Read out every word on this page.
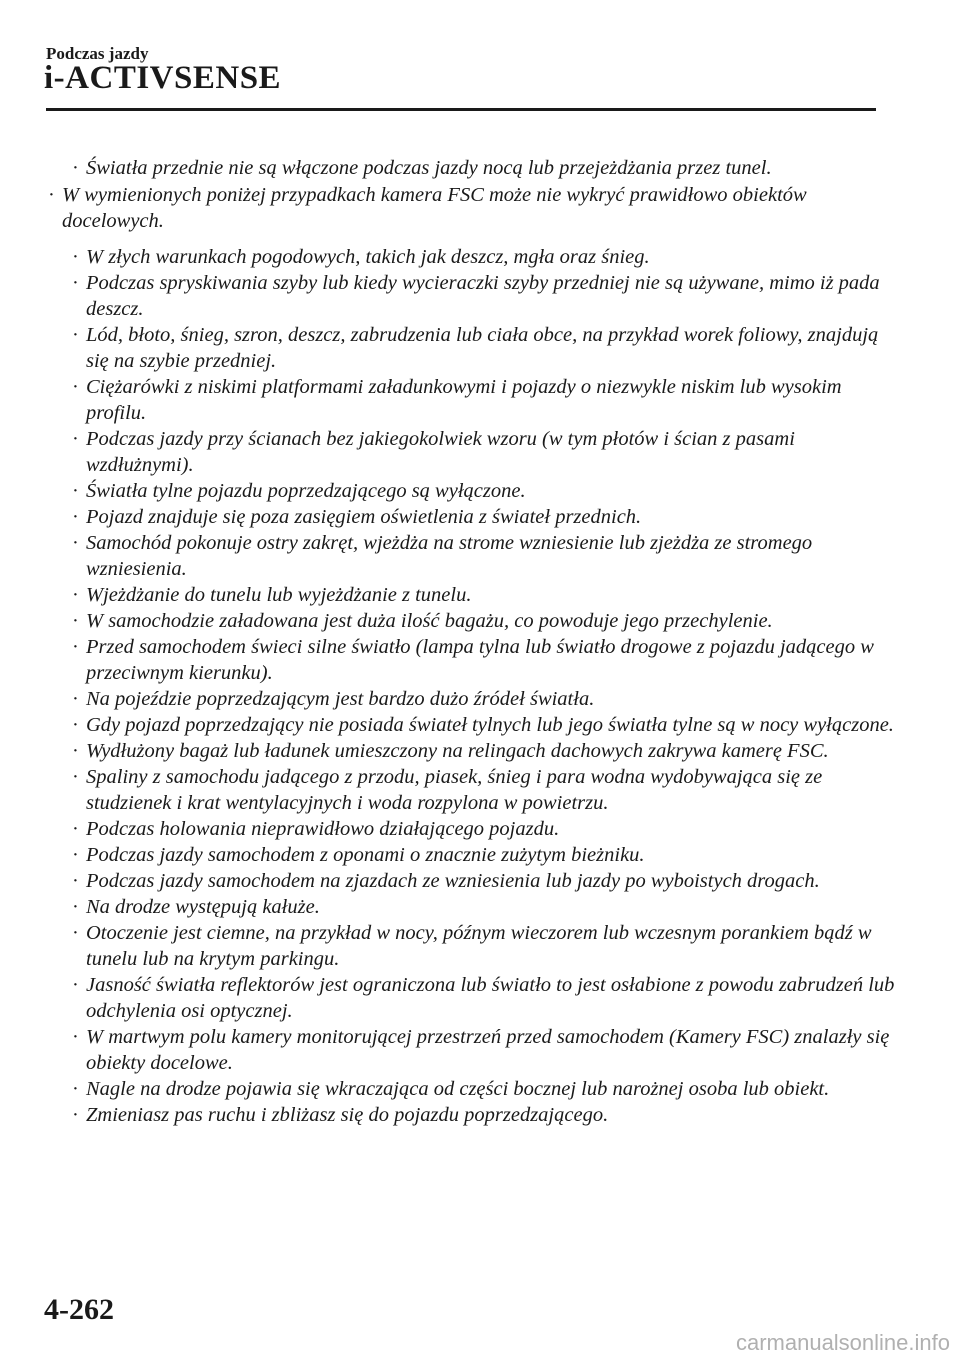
Podczas jazdy
i-ACTIVSENSE
· Światła przednie nie są włączone podczas jazdy nocą lub przejeżdżania przez tunel.
· W wymienionych poniżej przypadkach kamera FSC może nie wykryć prawidłowo obiektów docelowych.
· W złych warunkach pogodowych, takich jak deszcz, mgła oraz śnieg.
· Podczas spryskiwania szyby lub kiedy wycieraczki szyby przedniej nie są używane, mimo iż pada deszcz.
· Lód, błoto, śnieg, szron, deszcz, zabrudzenia lub ciała obce, na przykład worek foliowy, znajdują się na szybie przedniej.
· Ciężarówki z niskimi platformami załadunkowymi i pojazdy o niezwykle niskim lub wysokim profilu.
· Podczas jazdy przy ścianach bez jakiegokolwiek wzoru (w tym płotów i ścian z pasami wzdłużnymi).
· Światła tylne pojazdu poprzedzającego są wyłączone.
· Pojazd znajduje się poza zasięgiem oświetlenia z świateł przednich.
· Samochód pokonuje ostry zakręt, wjeżdża na strome wzniesienie lub zjeżdża ze stromego wzniesienia.
· Wjeżdżanie do tunelu lub wyjeżdżanie z tunelu.
· W samochodzie załadowana jest duża ilość bagażu, co powoduje jego przechylenie.
· Przed samochodem świeci silne światło (lampa tylna lub światło drogowe z pojazdu jadącego w przeciwnym kierunku).
· Na pojeździe poprzedzającym jest bardzo dużo źródeł światła.
· Gdy pojazd poprzedzający nie posiada świateł tylnych lub jego światła tylne są w nocy wyłączone.
· Wydłużony bagaż lub ładunek umieszczony na relingach dachowych zakrywa kamerę FSC.
· Spaliny z samochodu jadącego z przodu, piasek, śnieg i para wodna wydobywająca się ze studzienek i krat wentylacyjnych i woda rozpylona w powietrzu.
· Podczas holowania nieprawidłowo działającego pojazdu.
· Podczas jazdy samochodem z oponami o znacznie zużytym bieżniku.
· Podczas jazdy samochodem na zjazdach ze wzniesienia lub jazdy po wyboistych drogach.
· Na drodze występują kałuże.
· Otoczenie jest ciemne, na przykład w nocy, późnym wieczorem lub wczesnym porankiem bądź w tunelu lub na krytym parkingu.
· Jasność światła reflektorów jest ograniczona lub światło to jest osłabione z powodu zabrudzeń lub odchylenia osi optycznej.
· W martwym polu kamery monitorującej przestrzeń przed samochodem (Kamery FSC) znalazły się obiekty docelowe.
· Nagle na drodze pojawia się wkraczająca od części bocznej lub narożnej osoba lub obiekt.
· Zmieniasz pas ruchu i zbliżasz się do pojazdu poprzedzającego.
4-262
carmanualsonline.info
